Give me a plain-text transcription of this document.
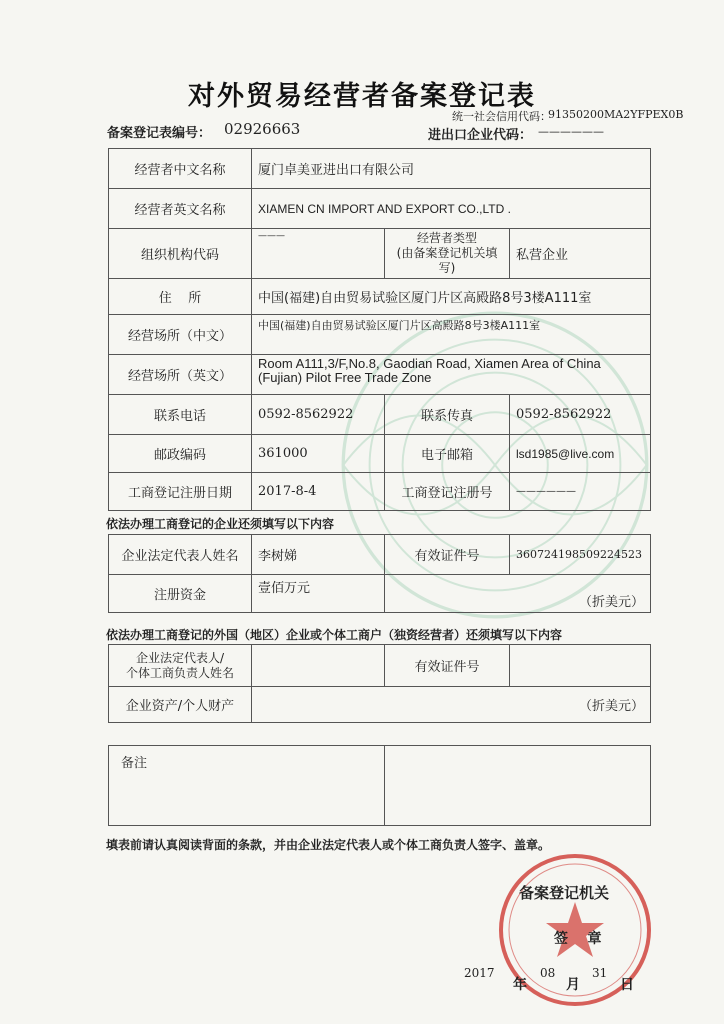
对外贸易经营者备案登记表
统一社会信用代码：
91350200MA2YFPEX0B
备案登记表编号： 02926663	进出口企业代码： ——————
经营者中文名称	厦门卓美亚进出口有限公司		
经营者英文名称	XIAMEN CN IMPORT AND EXPORT CO.,LTD .		
组织机构代码	———	经营者类型
(由备案登记机关填写)	私营企业
住    所	中国(福建)自由贸易试验区厦门片区高殿路8号3楼A111室		
经营场所（中文）	中国(福建)自由贸易试验区厦门片区高殿路8号3楼A111室		
经营场所（英文）	Room A111,3/F,No.8, Gaodian Road, Xiamen Area of China (Fujian) Pilot Free Trade Zone		
联系电话	0592-8562922	联系传真	0592-8562922
邮政编码	361000	电子邮箱	lsd1985@live.com
工商登记注册日期	2017-8-4	工商登记注册号	——————
依法办理工商登记的企业还须填写以下内容
企业法定代表人姓名	李树娣	有效证件号	360724198509224523
注册资金	壹佰万元	（折美元）	
依法办理工商登记的外国（地区）企业或个体工商户（独资经营者）还须填写以下内容
企业法定代表人/
个体工商负责人姓名		有效证件号	
企业资产/个人财产	（折美元）		
备注	
填表前请认真阅读背面的条款，并由企业法定代表人或个体工商负责人签字、盖章。
备案登记机关
签    章
2017
年
08
月
31
日
